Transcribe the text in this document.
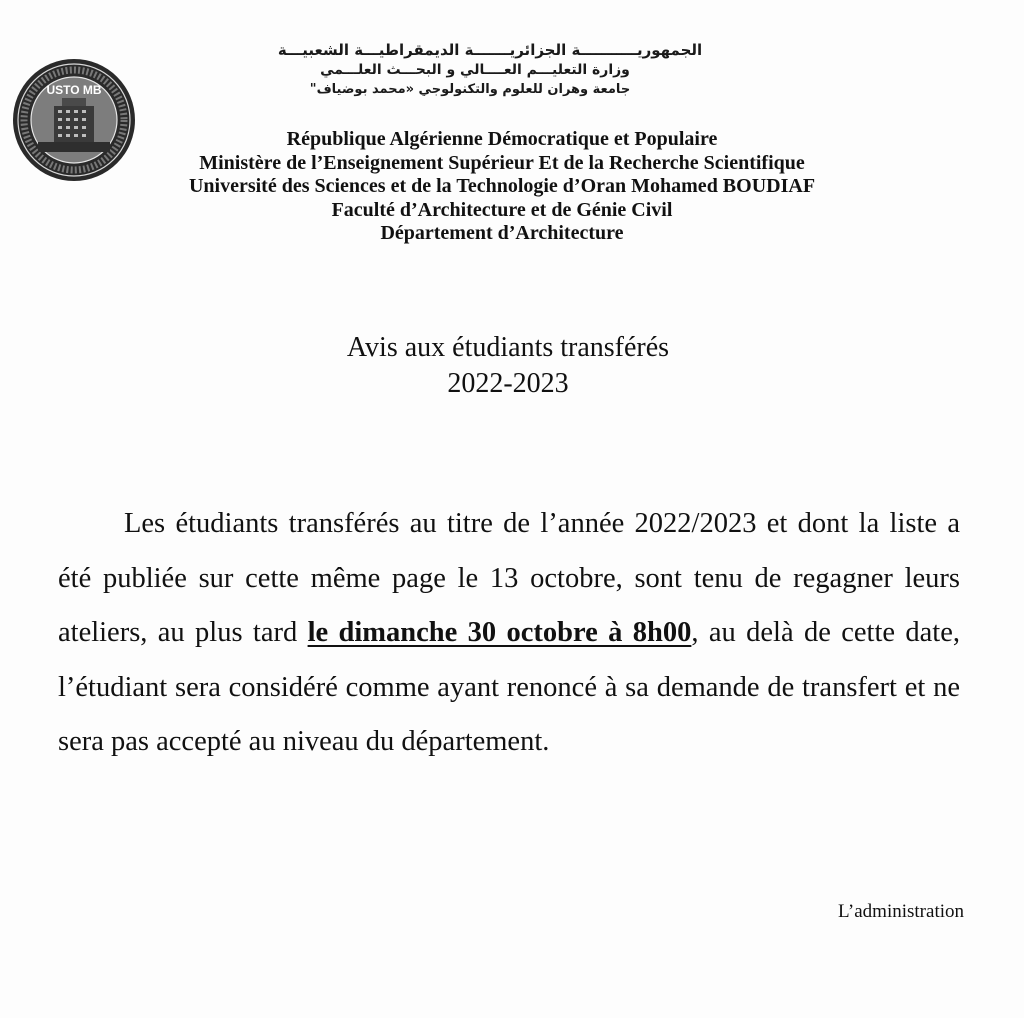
USTO MB
الجمهوريـــــــــــة الجزائريـــــــة الديمقراطيـــة الشعبيـــة
وزارة التعليـــم العــــالي و البحـــث العلـــمي
جامعة وهران للعلوم والتكنولوجي «محمد بوضياف"
République Algérienne Démocratique et Populaire
Ministère de l’Enseignement Supérieur Et de la Recherche Scientifique
Université des Sciences et de la Technologie d’Oran Mohamed BOUDIAF
Faculté d’Architecture et de Génie Civil
Département d’Architecture
Avis aux étudiants transférés
2022-2023

Les étudiants transférés au titre de l’année 2022/2023 et dont la liste a été publiée sur cette même page le 13 octobre, sont tenu de regagner leurs ateliers, au plus tard le dimanche 30 octobre à 8h00, au delà de cette date, l’étudiant sera considéré comme ayant renoncé à sa demande de transfert et ne sera pas accepté au niveau du département.

L’administration
